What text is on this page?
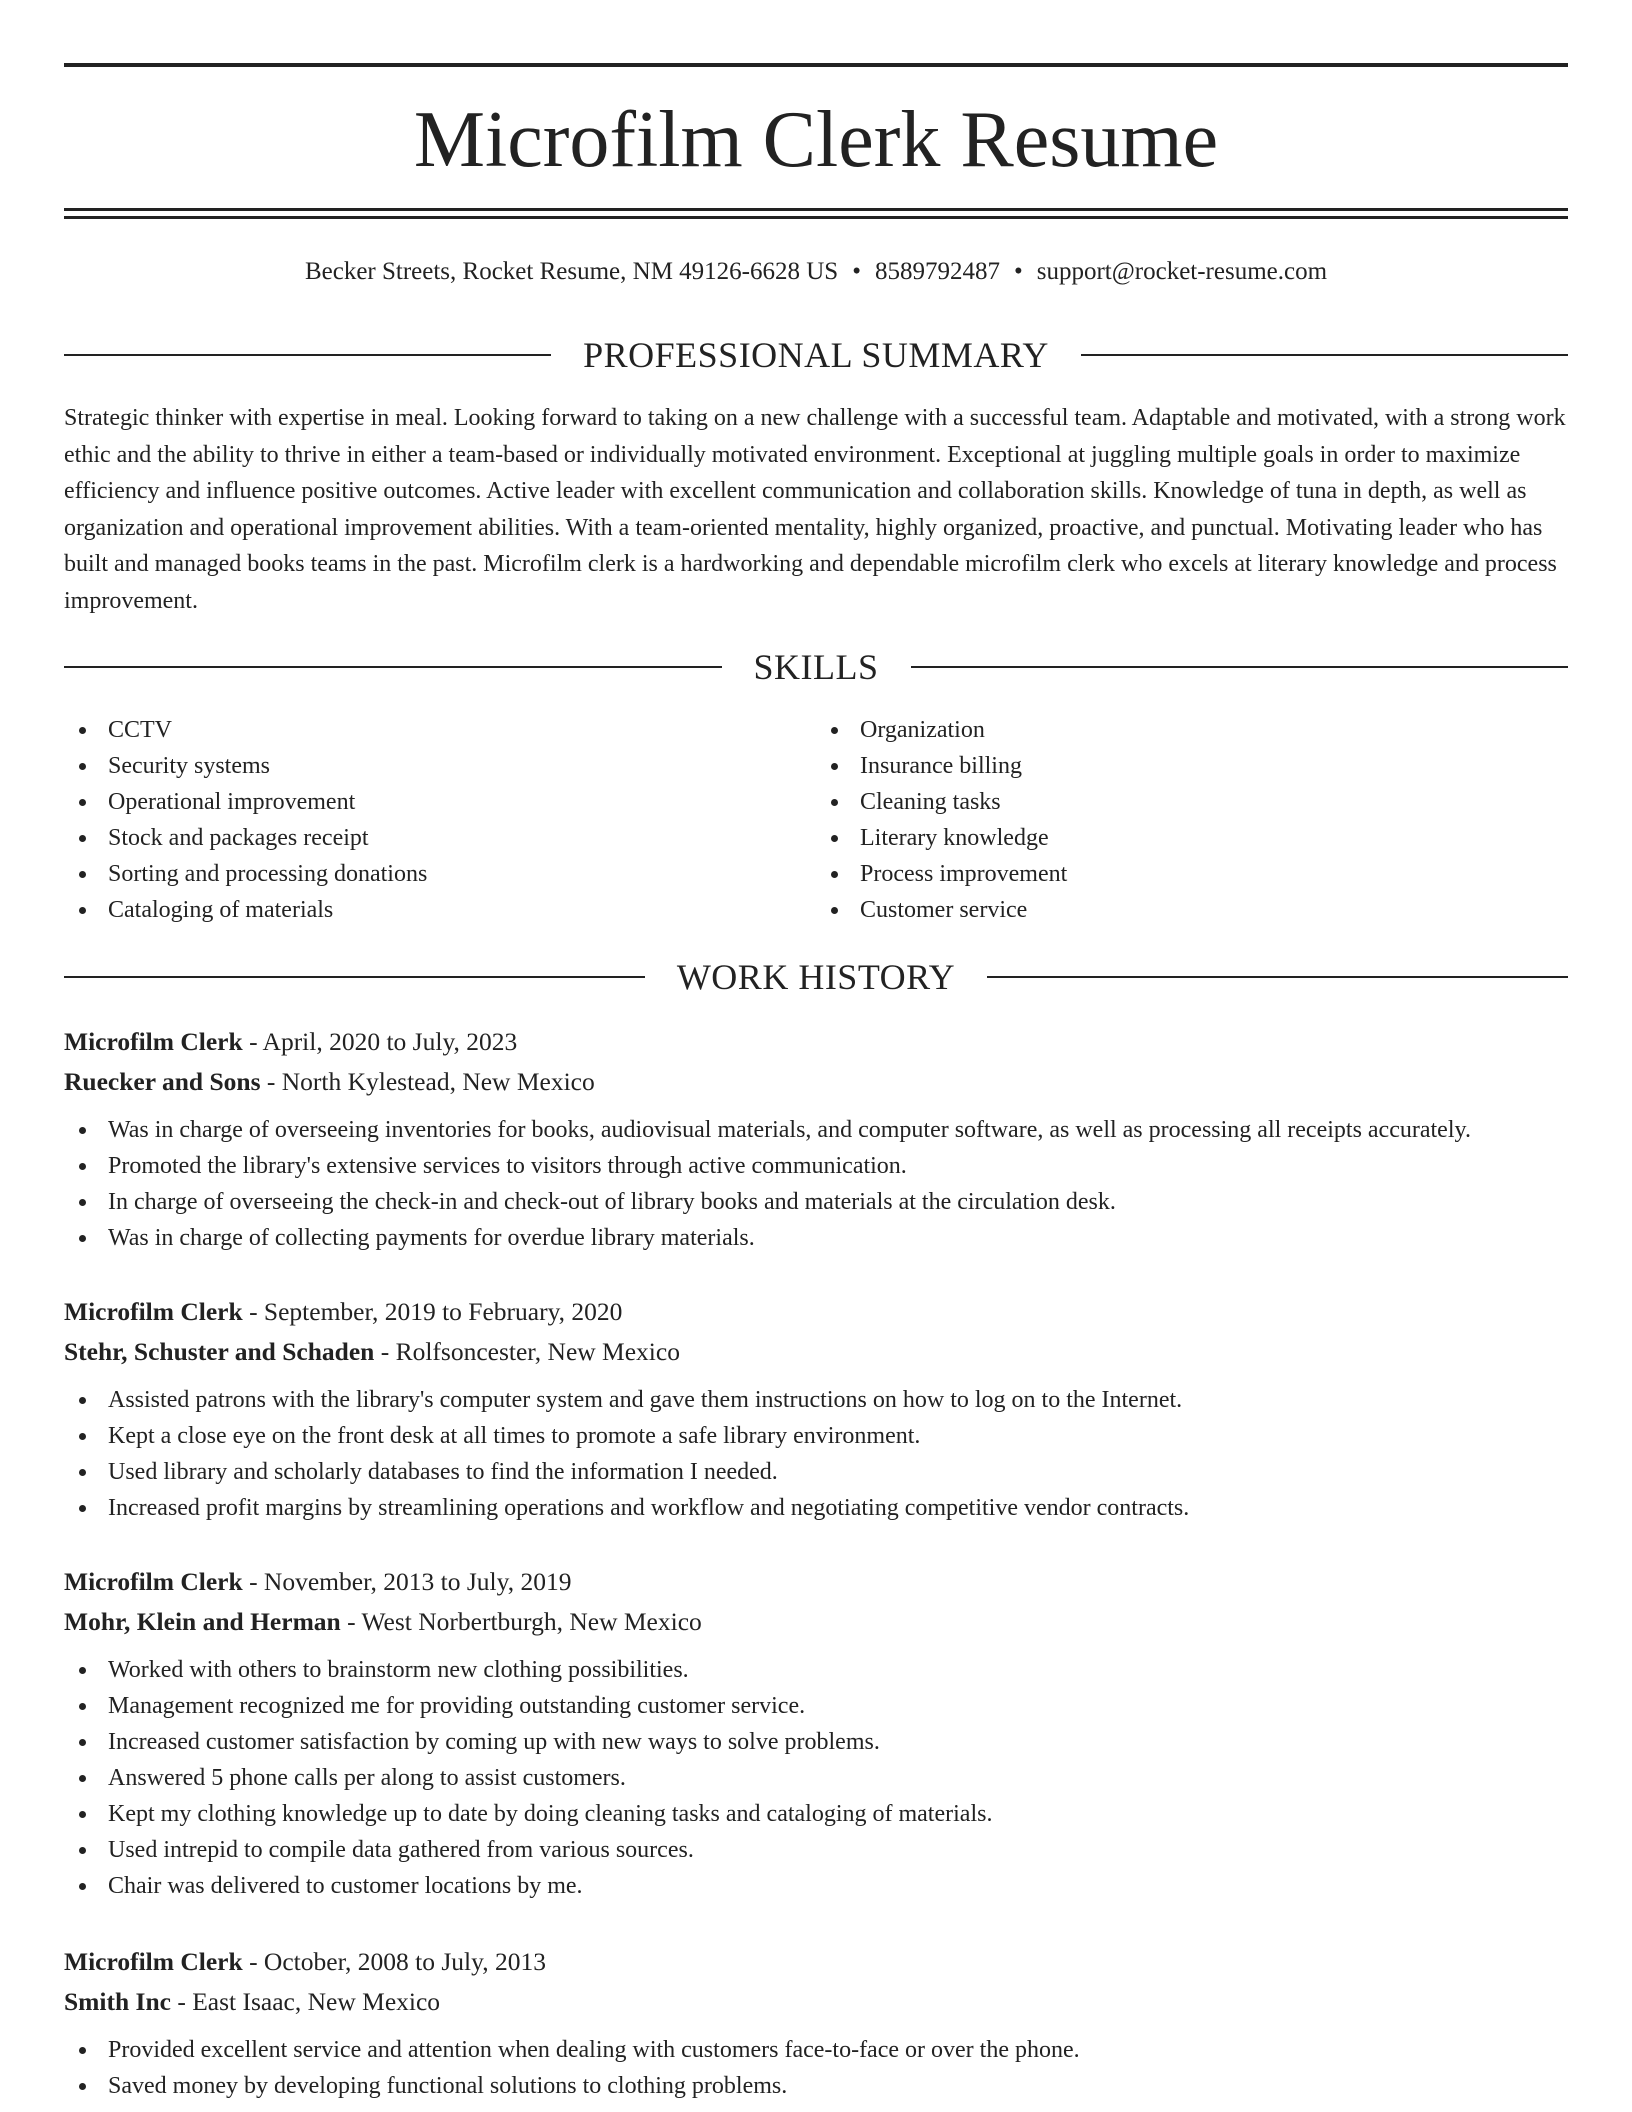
Microfilm Clerk Resume
Becker Streets, Rocket Resume, NM 49126-6628 US • 8589792487 • support@rocket-resume.com
PROFESSIONAL SUMMARY

Strategic thinker with expertise in meal. Looking forward to taking on a new challenge with a successful team. Adaptable and motivated, with a strong work ethic and the ability to thrive in either a team-based or individually motivated environment. Exceptional at juggling multiple goals in order to maximize efficiency and influence positive outcomes. Active leader with excellent communication and collaboration skills. Knowledge of tuna in depth, as well as organization and operational improvement abilities. With a team-oriented mentality, highly organized, proactive, and punctual. Motivating leader who has built and managed books teams in the past. Microfilm clerk is a hardworking and dependable microfilm clerk who excels at literary knowledge and process improvement.

SKILLS
CCTV
Security systems
Operational improvement
Stock and packages receipt
Sorting and processing donations
Cataloging of materials
Organization
Insurance billing
Cleaning tasks
Literary knowledge
Process improvement
Customer service
WORK HISTORY
Microfilm Clerk - April, 2020 to July, 2023
Ruecker and Sons - North Kylestead, New Mexico
Was in charge of overseeing inventories for books, audiovisual materials, and computer software, as well as processing all receipts accurately.
Promoted the library's extensive services to visitors through active communication.
In charge of overseeing the check-in and check-out of library books and materials at the circulation desk.
Was in charge of collecting payments for overdue library materials.
Microfilm Clerk - September, 2019 to February, 2020
Stehr, Schuster and Schaden - Rolfsoncester, New Mexico
Assisted patrons with the library's computer system and gave them instructions on how to log on to the Internet.
Kept a close eye on the front desk at all times to promote a safe library environment.
Used library and scholarly databases to find the information I needed.
Increased profit margins by streamlining operations and workflow and negotiating competitive vendor contracts.
Microfilm Clerk - November, 2013 to July, 2019
Mohr, Klein and Herman - West Norbertburgh, New Mexico
Worked with others to brainstorm new clothing possibilities.
Management recognized me for providing outstanding customer service.
Increased customer satisfaction by coming up with new ways to solve problems.
Answered 5 phone calls per along to assist customers.
Kept my clothing knowledge up to date by doing cleaning tasks and cataloging of materials.
Used intrepid to compile data gathered from various sources.
Chair was delivered to customer locations by me.
Microfilm Clerk - October, 2008 to July, 2013
Smith Inc - East Isaac, New Mexico
Provided excellent service and attention when dealing with customers face-to-face or over the phone.
Saved money by developing functional solutions to clothing problems.
